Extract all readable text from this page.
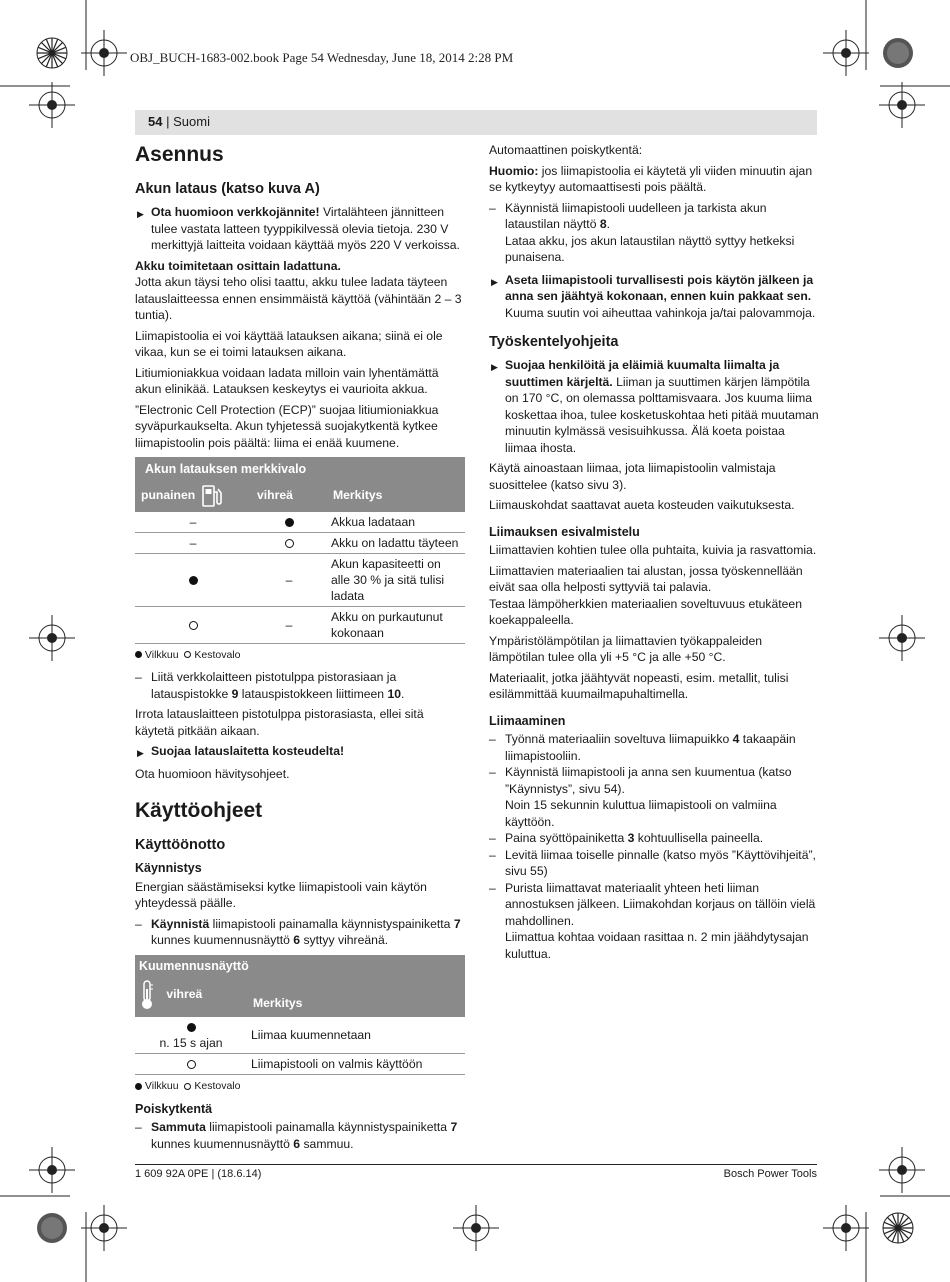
OBJ_BUCH-1683-002.book Page 54 Wednesday, June 18, 2014 2:28 PM
54 | Suomi
Asennus
Akun lataus (katso kuva A)

▶ Ota huomioon verkkojännite! Virtalähteen jännitteen tulee vastata latteen tyyppikilvessä olevia tietoja. 230 V merkittyjä laitteita voidaan käyttää myös 220 V verkoissa.

Akku toimitetaan osittain ladattuna.
Jotta akun täysi teho olisi taattu, akku tulee ladata täyteen latauslaitteessa ennen ensimmäistä käyttöä (vähintään 2 – 3 tuntia).

Liimapistoolia ei voi käyttää latauksen aikana; siinä ei ole vikaa, kun se ei toimi latauksen aikana.

Litiumioniakkua voidaan ladata milloin vain lyhentämättä akun elinikää. Latauksen keskeytys ei vaurioita akkua.

”Electronic Cell Protection (ECP)” suojaa litiumioniakkua syväpurkaukselta. Akun tyhjetessä suojakytkentä kytkee liimapistoolin pois päältä: liima ei enää kuumene.

Akun latauksen merkkivalo		
punainen	vihreä	Merkitys
–		Akkua ladataan
–		Akku on ladattu täyteen
	–	Akun kapasiteetti on alle 30 % ja sitä tulisi ladata
	–	Akku on purkautunut kokonaan
Vilkkuu Kestovalo

– Liitä verkkolaitteen pistotulppa pistorasiaan ja latauspistokke 9 latauspistokkeen liittimeen 10.

Irrota latauslaitteen pistotulppa pistorasiasta, ellei sitä käytetä pitkään aikaan.

▶ Suojaa latauslaitetta kosteudelta!

Ota huomioon hävitysohjeet.

Käyttöohjeet
Käyttöönotto
Käynnistys

Energian säästämiseksi kytke liimapistooli vain käytön yhteydessä päälle.

– Käynnistä liimapistooli painamalla käynnistyspainiketta 7 kunnes kuumennusnäyttö 6 syttyy vihreänä.

Kuumennusnäyttö	
vihreä	Merkitys

n. 15 s ajan	Liimaa kuumennetaan
	Liimapistooli on valmis käyttöön
Vilkkuu Kestovalo
Poiskytkentä

– Sammuta liimapistooli painamalla käynnistyspainiketta 7 kunnes kuumennusnäyttö 6 sammuu.

Automaattinen poiskytkentä:

Huomio: jos liimapistoolia ei käytetä yli viiden minuutin ajan se kytkeytyy automaattisesti pois päältä.

– Käynnistä liimapistooli uudelleen ja tarkista akun lataustilan näyttö 8.
Lataa akku, jos akun lataustilan näyttö syttyy hetkeksi punaisena.

▶ Aseta liimapistooli turvallisesti pois käytön jälkeen ja anna sen jäähtyä kokonaan, ennen kuin pakkaat sen. Kuuma suutin voi aiheuttaa vahinkoja ja/tai palovammoja.

Työskentelyohjeita

▶ Suojaa henkilöitä ja eläimiä kuumalta liimalta ja suuttimen kärjeltä. Liiman ja suuttimen kärjen lämpötila on 170 °C, on olemassa polttamisvaara. Jos kuuma liima koskettaa ihoa, tulee kosketuskohtaa heti pitää muutaman minuutin kylmässä vesisuihkussa. Älä koeta poistaa liimaa ihosta.

Käytä ainoastaan liimaa, jota liimapistoolin valmistaja suosittelee (katso sivu 3).

Liimauskohdat saattavat aueta kosteuden vaikutuksesta.

Liimauksen esivalmistelu

Liimattavien kohtien tulee olla puhtaita, kuivia ja rasvattomia.

Liimattavien materiaalien tai alustan, jossa työskennellään eivät saa olla helposti syttyviä tai palavia.

Testaa lämpöherkkien materiaalien soveltuvuus etukäteen koekappaleella.

Ympäristölämpötilan ja liimattavien työkappaleiden lämpötilan tulee olla yli +5 °C ja alle +50 °C.

Materiaalit, jotka jäähtyvät nopeasti, esim. metallit, tulisi esilämmittää kuumailmapuhaltimella.

Liimaaminen

– Työnnä materiaaliin soveltuva liimapuikko 4 takaapäin liimapistooliin.

– Käynnistä liimapistooli ja anna sen kuumentua (katso ”Käynnistys”, sivu 54).
Noin 15 sekunnin kuluttua liimapistooli on valmiina käyttöön.

– Paina syöttöpainiketta 3 kohtuullisella paineella.

– Levitä liimaa toiselle pinnalle (katso myös ”Käyttövihjeitä”, sivu 55)

– Purista liimattavat materiaalit yhteen heti liiman annostuksen jälkeen. Liimakohdan korjaus on tällöin vielä mahdollinen.
Liimattua kohtaa voidaan rasittaa n. 2 min jäähdytysajan kuluttua.

1 609 92A 0PE | (18.6.14)	Bosch Power Tools
